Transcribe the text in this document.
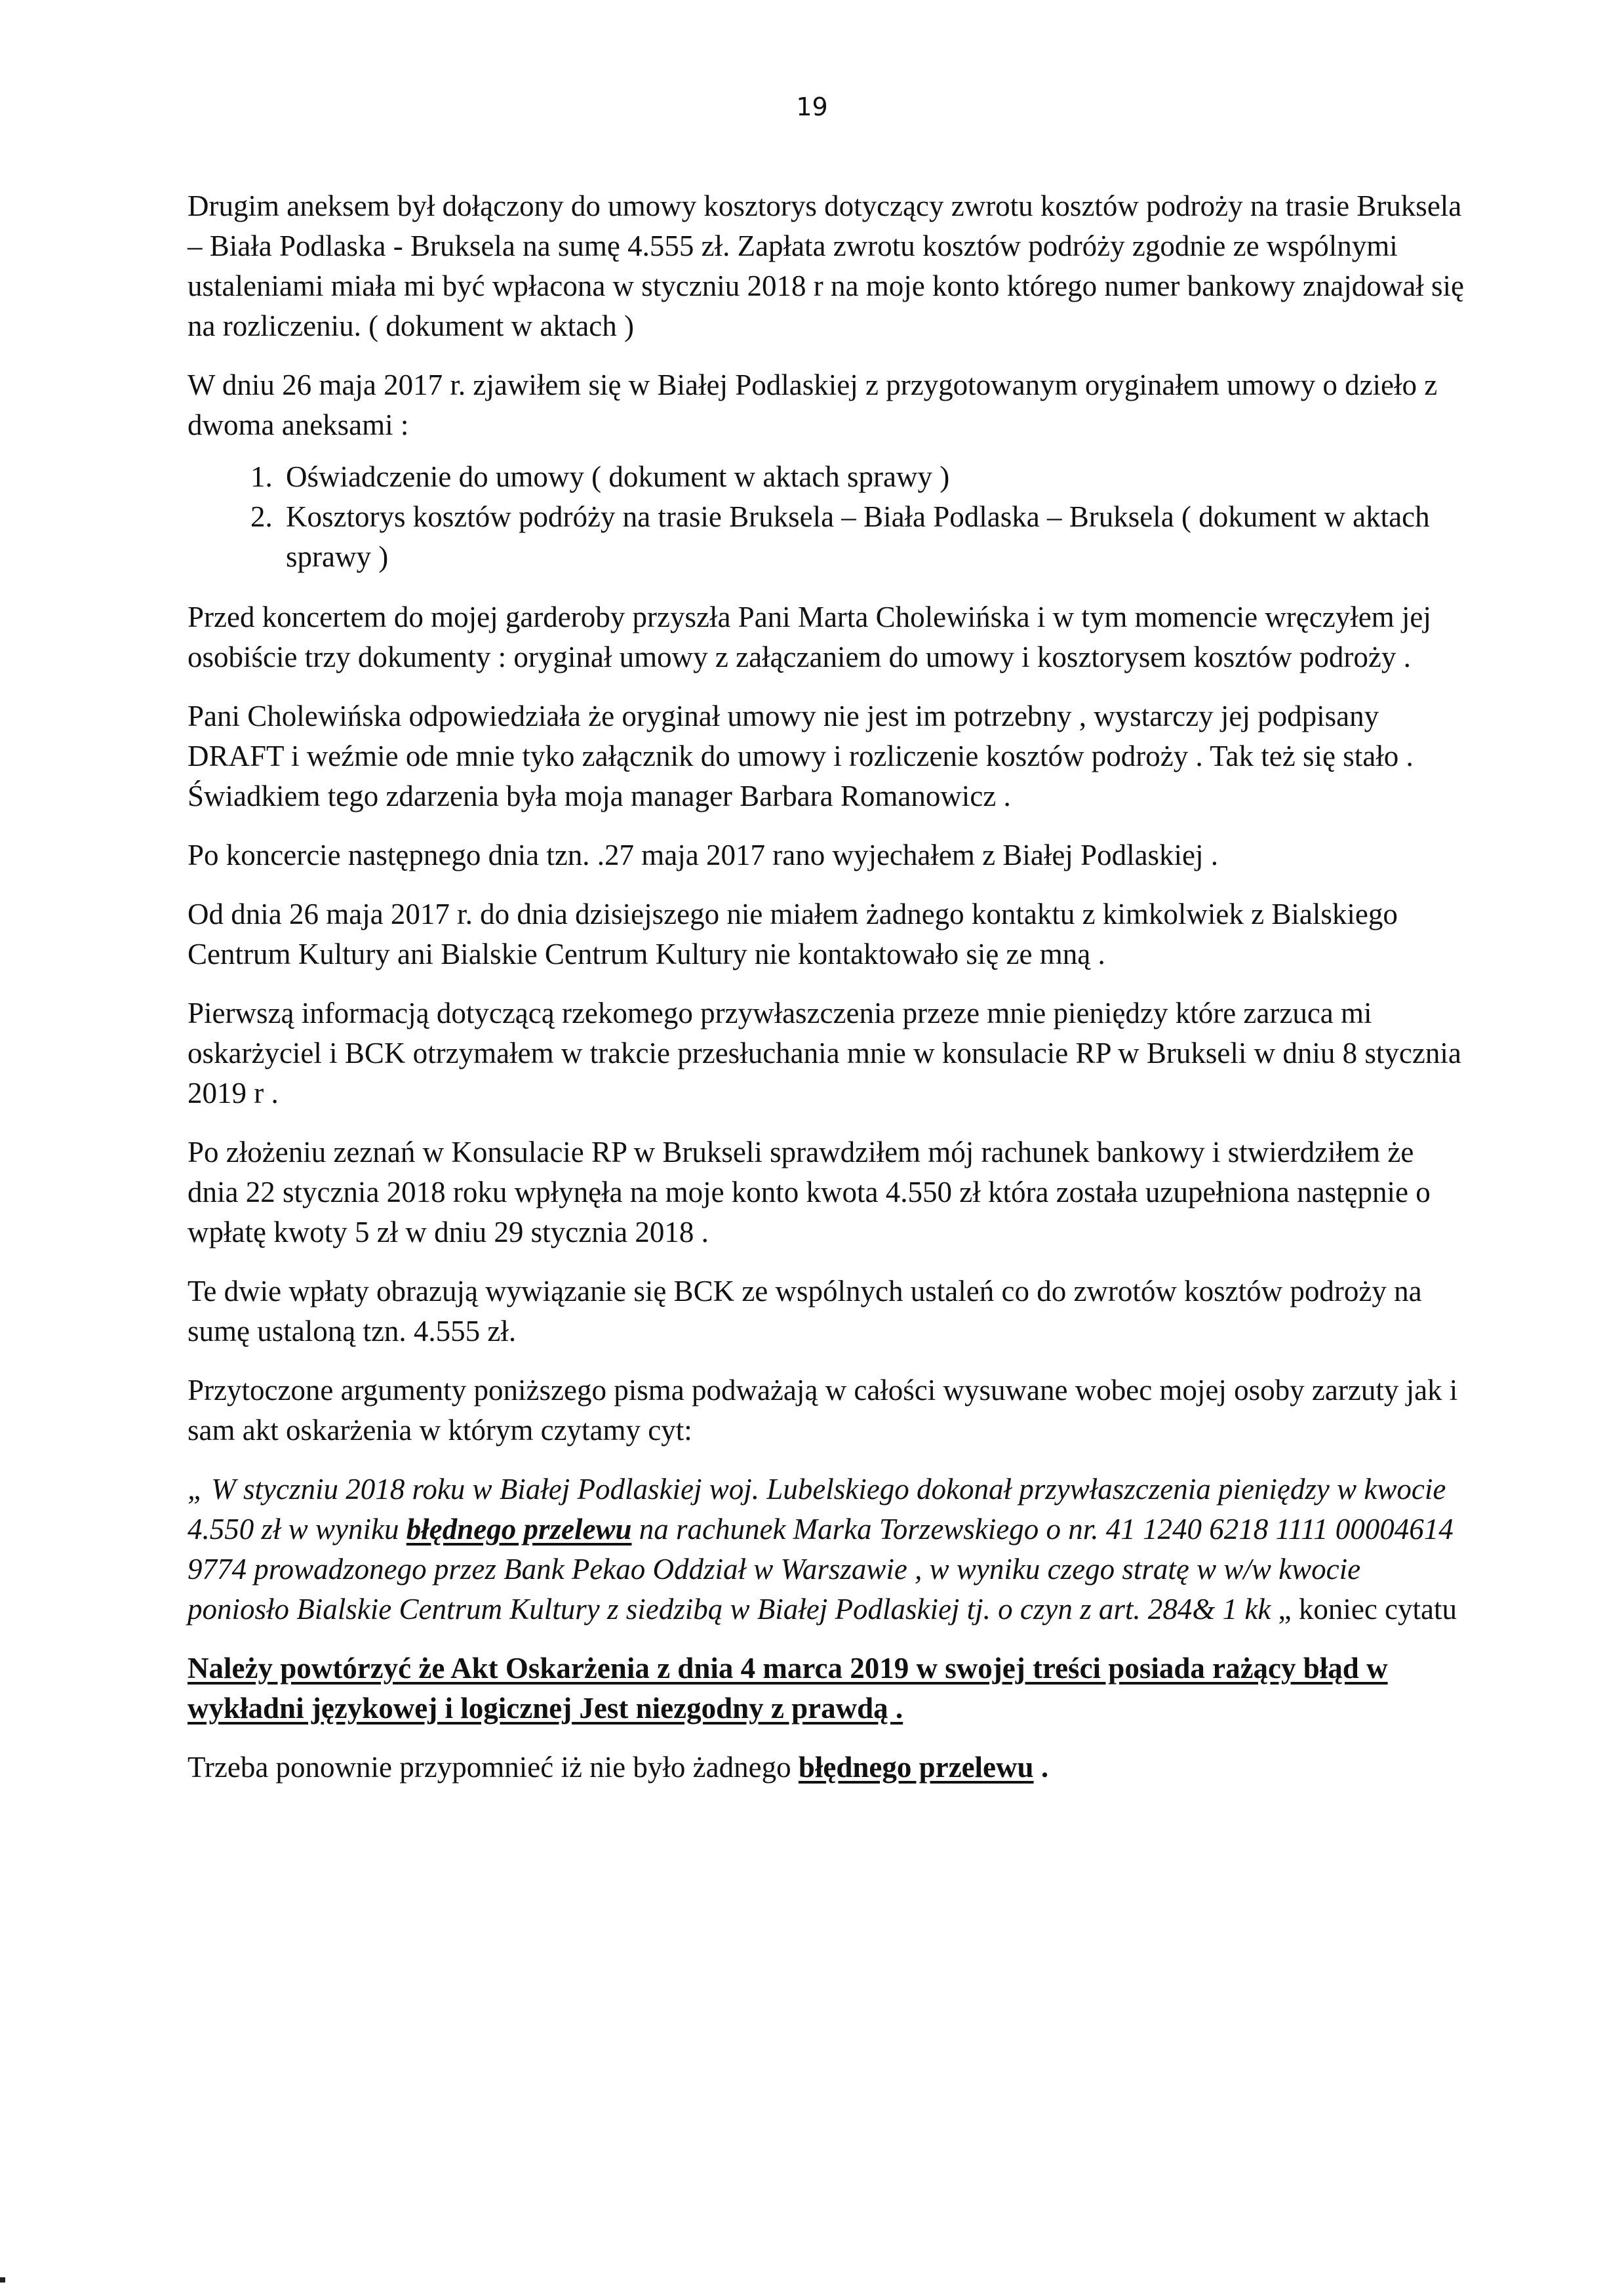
19

Drugim aneksem był dołączony do umowy kosztorys dotyczący zwrotu kosztów podroży na trasie Bruksela – Biała Podlaska - Bruksela na sumę 4.555 zł. Zapłata zwrotu kosztów podróży zgodnie ze wspólnymi ustaleniami miała mi być wpłacona w styczniu 2018 r na moje konto którego numer bankowy znajdował się na rozliczeniu. ( dokument w aktach )

W dniu 26 maja 2017 r. zjawiłem się w Białej Podlaskiej z przygotowanym oryginałem umowy o dzieło z dwoma aneksami :

1. Oświadczenie do umowy ( dokument w aktach sprawy )
2. Kosztorys kosztów podróży na trasie Bruksela – Biała Podlaska – Bruksela ( dokument w aktach sprawy )

Przed koncertem do mojej garderoby przyszła Pani Marta Cholewińska i w tym momencie wręczyłem jej osobiście trzy dokumenty : oryginał umowy z załączaniem do umowy i kosztorysem kosztów podroży .

Pani Cholewińska odpowiedziała że oryginał umowy nie jest im potrzebny , wystarczy jej podpisany DRAFT i weźmie ode mnie tyko załącznik do umowy i rozliczenie kosztów podroży . Tak też się stało . Świadkiem tego zdarzenia była moja manager Barbara Romanowicz .

Po koncercie następnego dnia tzn. .27 maja 2017 rano wyjechałem z Białej Podlaskiej .

Od dnia 26 maja 2017 r. do dnia dzisiejszego nie miałem żadnego kontaktu z kimkolwiek z Bialskiego Centrum Kultury ani Bialskie Centrum Kultury nie kontaktowało się ze mną .

Pierwszą informacją dotyczącą rzekomego przywłaszczenia przeze mnie pieniędzy które zarzuca mi oskarżyciel i BCK otrzymałem w trakcie przesłuchania mnie w konsulacie RP w Brukseli w dniu 8 stycznia 2019 r .

Po złożeniu zeznań w Konsulacie RP w Brukseli sprawdziłem mój rachunek bankowy i stwierdziłem że dnia 22 stycznia 2018 roku wpłynęła na moje konto kwota 4.550 zł która została uzupełniona następnie o wpłatę kwoty 5 zł w dniu 29 stycznia 2018 .

Te dwie wpłaty obrazują wywiązanie się BCK ze wspólnych ustaleń co do zwrotów kosztów podroży na sumę ustaloną tzn. 4.555 zł.

Przytoczone argumenty poniższego pisma podważają w całości wysuwane wobec mojej osoby zarzuty jak i sam akt oskarżenia w którym czytamy cyt:

„ W styczniu 2018 roku w Białej Podlaskiej woj. Lubelskiego dokonał przywłaszczenia pieniędzy w kwocie 4.550 zł w wyniku błędnego przelewu na rachunek Marka Torzewskiego o nr. 41 1240 6218 1111 00004614 9774 prowadzonego przez Bank Pekao Oddział w Warszawie , w wyniku czego stratę w w/w kwocie poniosło Bialskie Centrum Kultury z siedzibą w Białej Podlaskiej tj. o czyn z art. 284& 1 kk „ koniec cytatu

Należy powtórzyć że Akt Oskarżenia z dnia 4 marca 2019 w swojej treści posiada rażący błąd w wykładni językowej i logicznej Jest niezgodny z prawdą .

Trzeba ponownie przypomnieć iż nie było żadnego błędnego przelewu .
